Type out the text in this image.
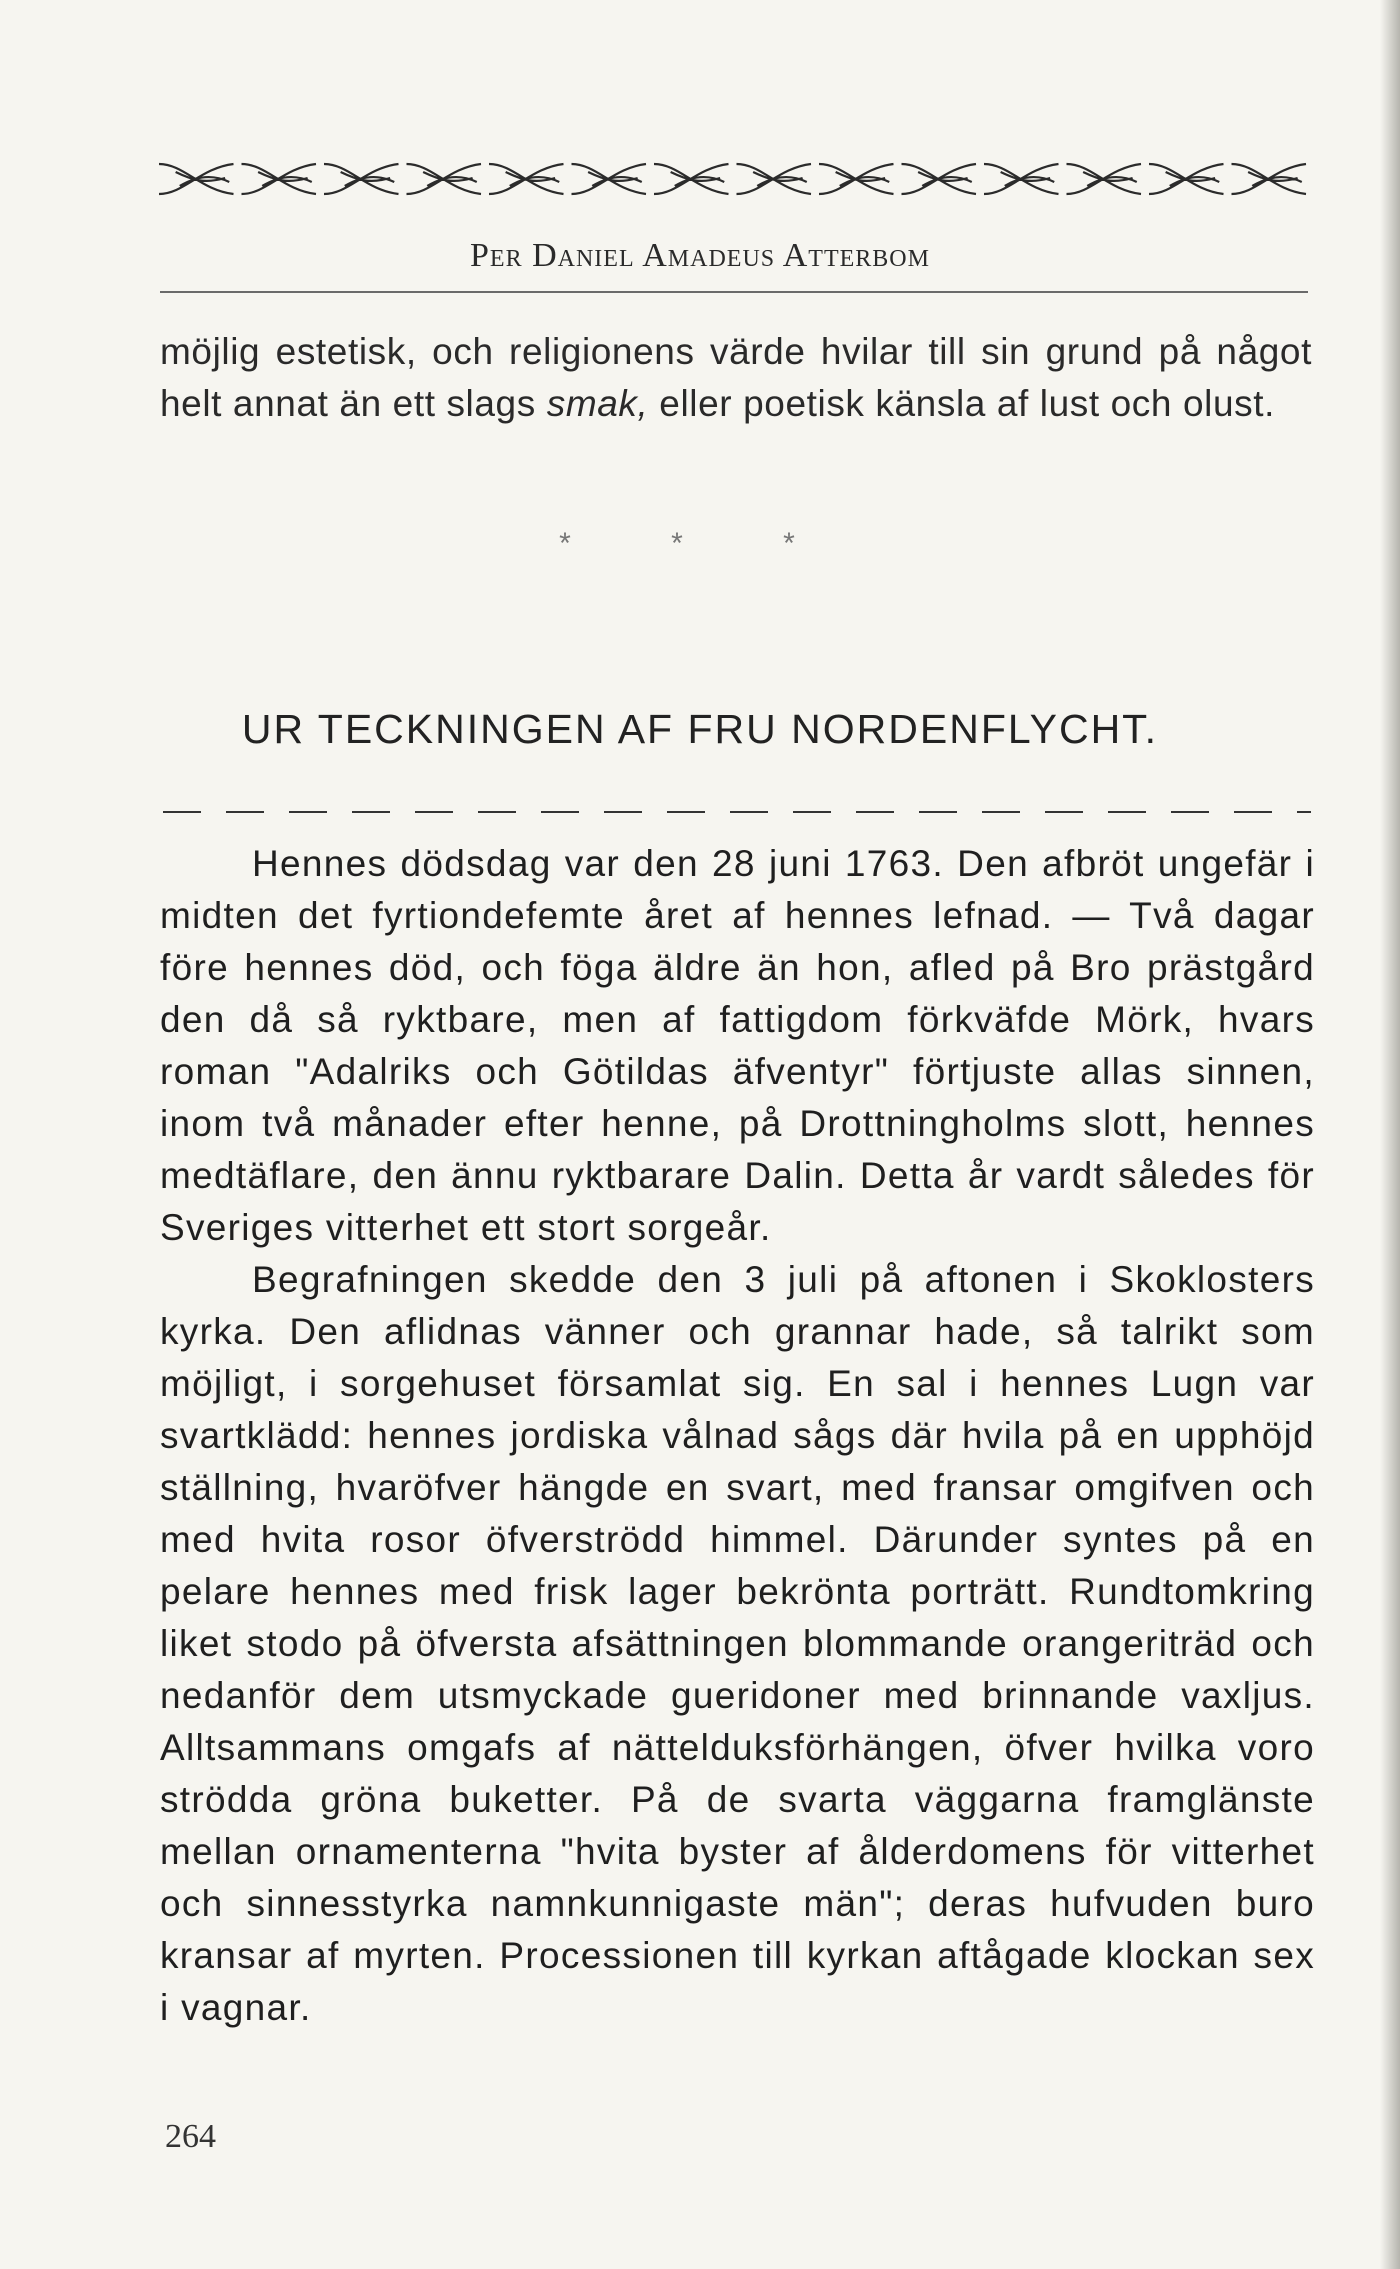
Per Daniel Amadeus Atterbom
möjlig estetisk, och religionens värde hvilar till sin grund på något helt annat än ett slags smak, eller poetisk känsla af lust och olust.
* * *
UR TECKNINGEN AF FRU NORDENFLYCHT.

Hennes dödsdag var den 28 juni 1763. Den afbröt ungefär i midten det fyrtiondefemte året af hennes lefnad. — Två dagar före hennes död, och föga äldre än hon, afled på Bro prästgård den då så ryktbare, men af fattigdom förkväfde Mörk, hvars roman "Adalriks och Götildas äfventyr" förtjuste allas sinnen, inom två månader efter henne, på Drottningholms slott, hennes medtäflare, den ännu ryktbarare Dalin. Detta år vardt således för Sveriges vitterhet ett stort sorgeår.

Begrafningen skedde den 3 juli på aftonen i Skoklosters kyrka. Den aflidnas vänner och grannar hade, så talrikt som möjligt, i sorgehuset församlat sig. En sal i hennes Lugn var svartklädd: hennes jordiska vålnad sågs där hvila på en upphöjd ställning, hvaröfver hängde en svart, med fransar omgifven och med hvita rosor öfverströdd himmel. Därunder syntes på en pelare hennes med frisk lager bekrönta porträtt. Rundtomkring liket stodo på öfversta afsättningen blommande orangeriträd och nedanför dem utsmyckade gueridoner med brinnande vaxljus. Alltsammans omgafs af nättelduksförhängen, öfver hvilka voro strödda gröna buketter. På de svarta väggarna framglänste mellan ornamenterna "hvita byster af ålderdomens för vitterhet och sinnesstyrka namnkunnigaste män"; deras hufvuden buro kransar af myrten. Processionen till kyrkan aftågade klockan sex i vagnar.

264
